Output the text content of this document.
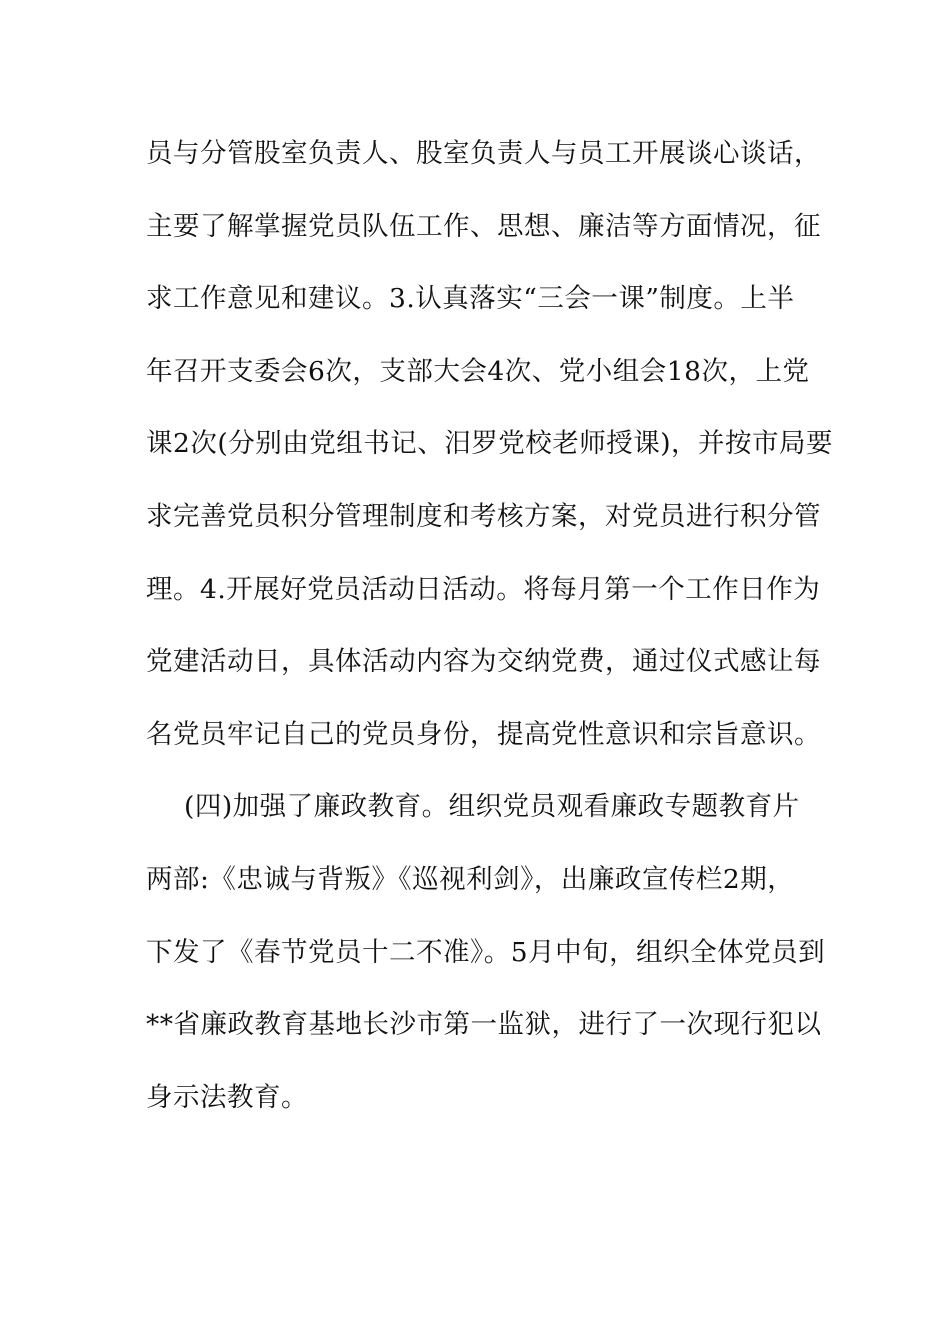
员与分管股室负责人、股室负责人与员工开展谈心谈话，
主要了解掌握党员队伍工作、思想、廉洁等方面情况，征
求工作意见和建议。3.认真落实“三会一课”制度。上半
年召开支委会6次，支部大会4次、党小组会18次，上党
课2次(分别由党组书记、汨罗党校老师授课)，并按市局要
求完善党员积分管理制度和考核方案，对党员进行积分管
理。4.开展好党员活动日活动。将每月第一个工作日作为
党建活动日，具体活动内容为交纳党费，通过仪式感让每
名党员牢记自己的党员身份，提高党性意识和宗旨意识。
(四)加强了廉政教育。组织党员观看廉政专题教育片
两部:《忠诚与背叛》《巡视利剑》，出廉政宣传栏2期，
下发了《春节党员十二不准》。5月中旬，组织全体党员到
**省廉政教育基地长沙市第一监狱，进行了一次现行犯以
身示法教育。
